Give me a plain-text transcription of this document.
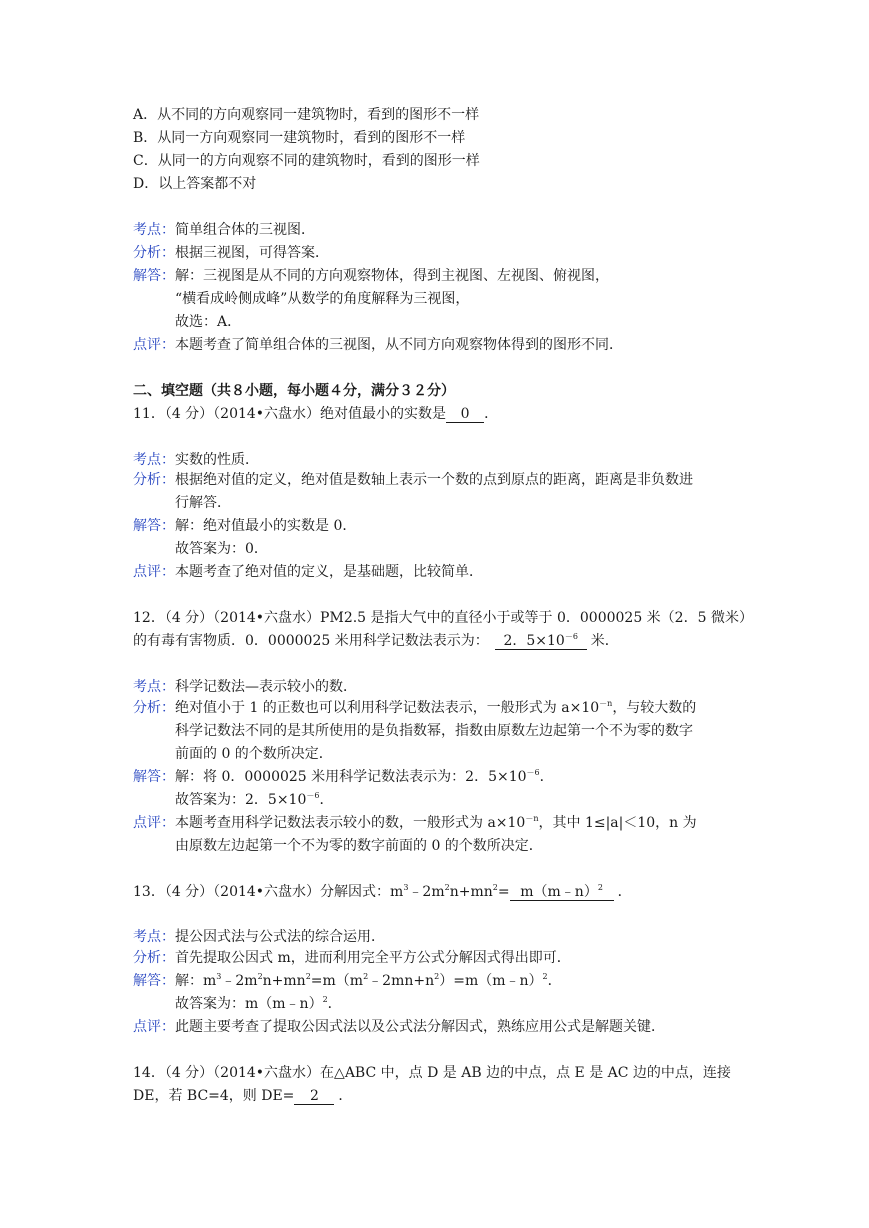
A．从不同的方向观察同一建筑物时，看到的图形不一样
B．从同一方向观察同一建筑物时，看到的图形不一样
C．从同一的方向观察不同的建筑物时，看到的图形一样
D．以上答案都不对
考点：简单组合体的三视图．
分析：根据三视图，可得答案．
解答：解：三视图是从不同的方向观察物体，得到主视图、左视图、俯视图，
“横看成岭侧成峰”从数学的角度解释为三视图，
故选：A．
点评：本题考查了简单组合体的三视图，从不同方向观察物体得到的图形不同．
二、填空题（共８小题，每小题４分，满分３２分）
11．（4 分）（2014•六盘水）绝对值最小的实数是 0 ．
考点：实数的性质．
分析：根据绝对值的定义，绝对值是数轴上表示一个数的点到原点的距离，距离是非负数进
行解答．
解答：解：绝对值最小的实数是 0．
故答案为：0．
点评：本题考查了绝对值的定义，是基础题，比较简单．
12．（4 分）（2014•六盘水）PM2.5 是指大气中的直径小于或等于 0．0000025 米（2．5 微米）
的有毒有害物质．0．0000025 米用科学记数法表示为： 2．$5\times 10^{-6}$ 米．
考点：科学记数法—表示较小的数．
分析：绝对值小于 1 的正数也可以利用科学记数法表示，一般形式为 $a\times 10^{-n}$，与较大数的
科学记数法不同的是其所使用的是负指数幂，指数由原数左边起第一个不为零的数字
前面的 0 的个数所决定．
解答：解：将 0．0000025 米用科学记数法表示为：2．$5\times 10^{-6}$．
故答案为：2．$5\times 10^{-6}$．
点评：本题考查用科学记数法表示较小的数，一般形式为 $a\times 10^{-n}$，其中 1≤|a|＜10，n 为
由原数左边起第一个不为零的数字前面的 0 的个数所决定．
13．（4 分）（2014•六盘水）分解因式：$m^3﹣2m^2n+mn^2=$ m（m﹣n）$^2$ ．
考点：提公因式法与公式法的综合运用．
分析：首先提取公因式 m，进而利用完全平方公式分解因式得出即可．
解答：解：$m^3﹣2m^2n+mn^2=m(m^2﹣2mn+n^2)=m(m﹣n)^2$．
故答案为：m（m﹣n）$^2$．
点评：此题主要考查了提取公因式法以及公式法分解因式，熟练应用公式是解题关键．
14．（4 分）（2014•六盘水）在△ABC 中，点 D 是 AB 边的中点，点 E 是 AC 边的中点，连接
DE，若 BC=4，则 DE= 2 ．
